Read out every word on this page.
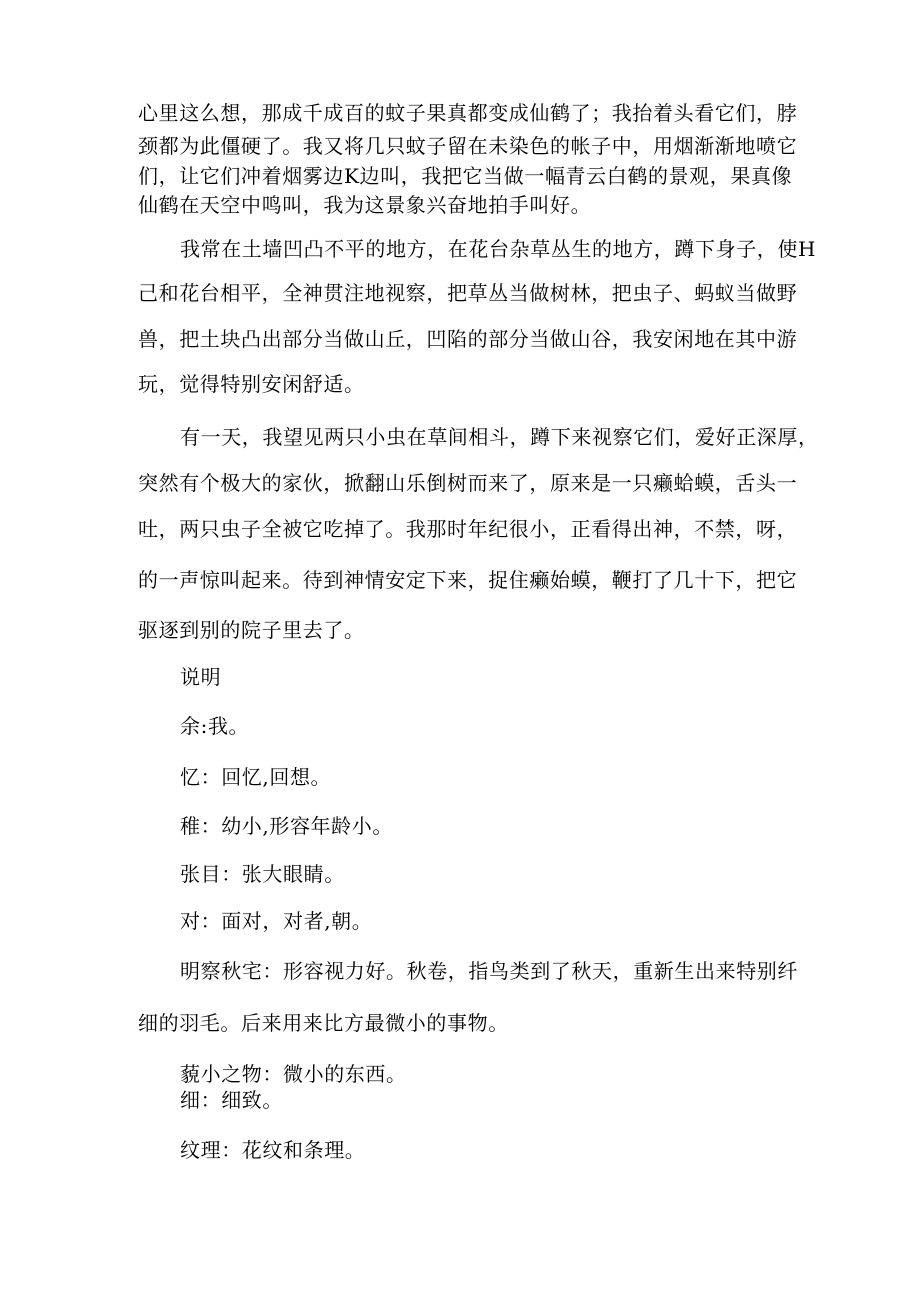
心里这么想，那成千成百的蚊子果真都变成仙鹤了；我抬着头看它们，脖
颈都为此僵硬了。我又将几只蚊子留在未染色的帐子中，用烟渐渐地喷它
们，让它们冲着烟雾边K边叫，我把它当做一幅青云白鹤的景观，果真像
仙鹤在天空中鸣叫，我为这景象兴奋地拍手叫好。
我常在土墙凹凸不平的地方，在花台杂草丛生的地方，蹲下身子，使H
己和花台相平，全神贯注地视察，把草丛当做树林，把虫子、蚂蚁当做野
兽，把土块凸出部分当做山丘，凹陷的部分当做山谷，我安闲地在其中游
玩，觉得特别安闲舒适。
有一天，我望见两只小虫在草间相斗，蹲下来视察它们，爱好正深厚，
突然有个极大的家伙，掀翻山乐倒树而来了，原来是一只癞蛤蟆，舌头一
吐，两只虫子全被它吃掉了。我那时年纪很小，正看得出神，不禁，呀，
的一声惊叫起来。待到神情安定下来，捉住癞始蟆，鞭打了几十下，把它
驱逐到别的院子里去了。
说明
余:我。
忆：回忆,回想。
稚：幼小,形容年龄小。
张目：张大眼睛。
对：面对，对者,朝。
明察秋宅：形容视力好。秋卷，指鸟类到了秋天，重新生出来特别纤
细的羽毛。后来用来比方最微小的事物。
藐小之物：微小的东西。
细：细致。
纹理：花纹和条理。
